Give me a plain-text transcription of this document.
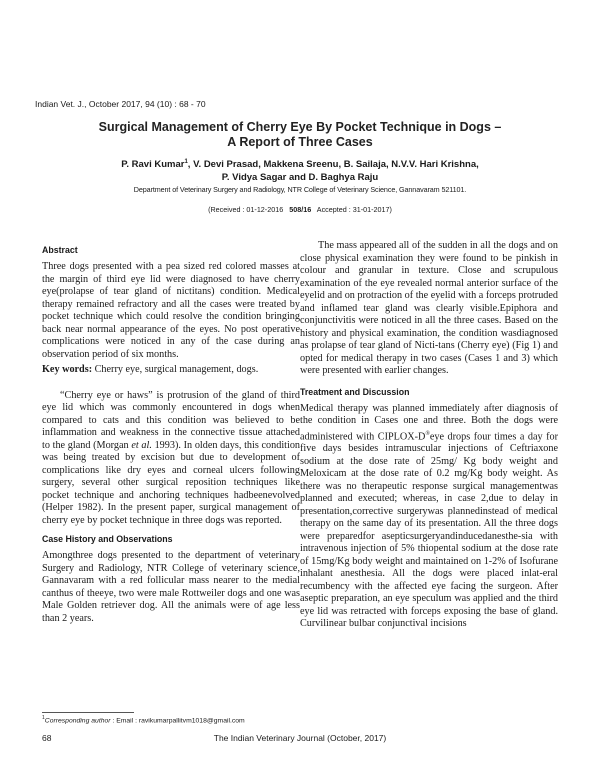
Indian Vet. J., October 2017, 94 (10) : 68 - 70
Surgical Management of Cherry Eye By Pocket Technique in Dogs –
A Report of Three Cases
P. Ravi Kumar$^1$, V. Devi Prasad, Makkena Sreenu, B. Sailaja, N.V.V. Hari Krishna,
P. Vidya Sagar and D. Baghya Raju
Department of Veterinary Surgery and Radiology, NTR College of Veterinary Science, Gannavaram 521101.
(Received : 01-12-2016 508/16 Accepted : 31-01-2017)
Abstract

Three dogs presented with a pea sized red colored masses at the margin of third eye lid were diagnosed to have cherry eye(prolapse of tear gland of nictitans) condition. Medical therapy remained refractory and all the cases were treated by pocket technique which could resolve the condition bringing back near normal appearance of the eyes. No post operative complications were noticed in any of the case during an observation period of six months.

Key words: Cherry eye, surgical management, dogs.

“Cherry eye or haws” is protrusion of the gland of third eye lid which was commonly encountered in dogs when compared to cats and this condition was believed to be inflammation and weakness in the connective tissue attached to the gland (Morgan et al. 1993). In olden days, this condition was being treated by excision but due to development of complications like dry eyes and corneal ulcers following surgery, several other surgical reposition techniques like pocket technique and anchoring techniques hadbeenevolved (Helper 1982). In the present paper, surgical management of cherry eye by pocket technique in three dogs was reported.

Case History and Observations

Amongthree dogs presented to the department of veterinary Surgery and Radiology, NTR College of veterinary science, Gannavaram with a red follicular mass nearer to the medial canthus of theeye, two were male Rottweiler dogs and one was Male Golden retriever dog. All the animals were of age less than 2 years.

The mass appeared all of the sudden in all the dogs and on close physical examination they were found to be pinkish in colour and granular in texture. Close and scrupulous examination of the eye revealed normal anterior surface of the eyelid and on protraction of the eyelid with a forceps protruded and inflamed tear gland was clearly visible.Epiphora and conjunctivitis were noticed in all the three cases. Based on the history and physical examination, the condition wasdiagnosed as prolapse of tear gland of Nicti-tans (Cherry eye) (Fig 1) and opted for medical therapy in two cases (Cases 1 and 3) which were presented with earlier changes.

Treatment and Discussion

Medical therapy was planned immediately after diagnosis of the condition in Cases one and three. Both the dogs were administered with CIPLOX-D®eye drops four times a day for five days besides intramuscular injections of Ceftriaxone sodium at the dose rate of 25mg/ Kg body weight and Meloxicam at the dose rate of 0.2 mg/Kg body weight. As there was no therapeutic response surgical managementwas planned and executed; whereas, in case 2,due to delay in presentation,corrective surgerywas plannedinstead of medical therapy on the same day of its presentation. All the three dogs were preparedfor asepticsurgeryandinducedanesthe-sia with intravenous injection of 5% thiopental sodium at the dose rate of 15mg/Kg body weight and maintained on 1-2% of Isofurane inhalant anesthesia. All the dogs were placed inlat-eral recumbency with the affected eye facing the surgeon. After aseptic preparation, an eye speculum was applied and the third eye lid was retracted with forceps exposing the base of gland. Curvilinear bulbar conjunctival incisions

$^1$Corresponding author : Email : ravikumarpallitvm1018@gmail.com
68	The Indian Veterinary Journal (October, 2017)
